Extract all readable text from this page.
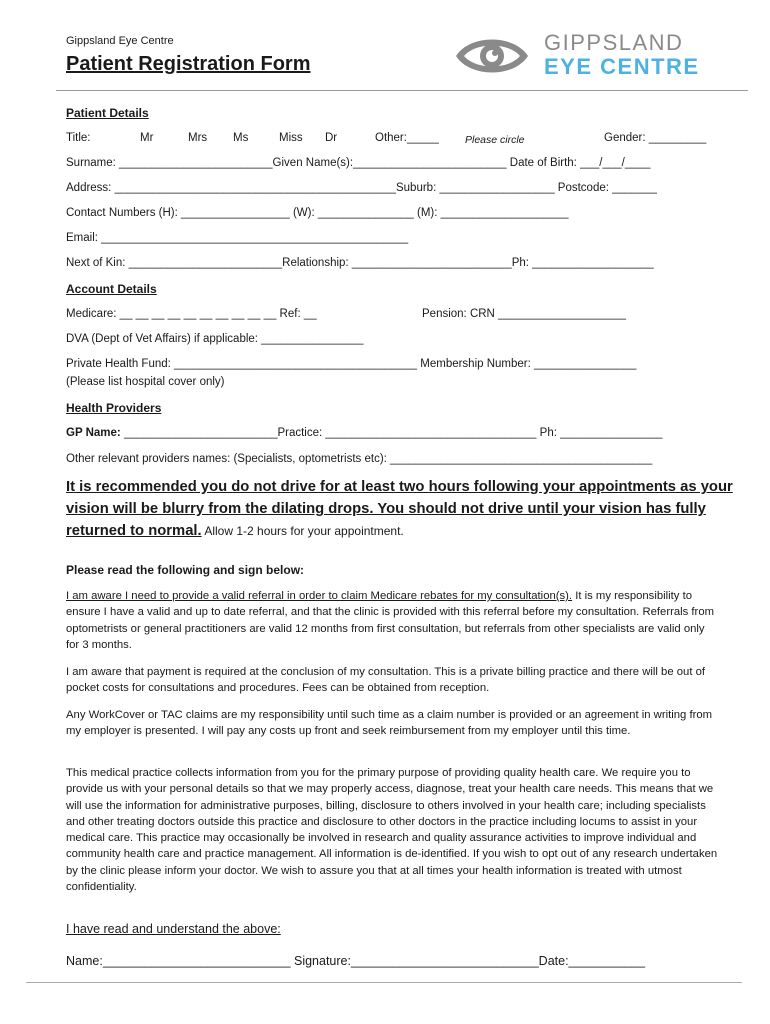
Gippsland Eye Centre
Patient Registration Form
GIPPSLAND
EYE CENTRE
Patient Details
Title:	Mr	Mrs Ms	Miss Dr	Other:_____ Please circle	Gender: _________
Surname: ________________________Given Name(s):________________________ Date of Birth: ___/___/____
Address: ____________________________________________Suburb: __________________ Postcode: _______
Contact Numbers (H): _________________ (W): _______________ (M): ____________________
Email: ________________________________________________
Next of Kin: ________________________Relationship: _________________________Ph: ___________________
Account Details
Medicare: __ __ __ __ __ __ __ __ __ __ Ref: __	Pension: CRN ____________________
DVA (Dept of Vet Affairs) if applicable: ________________
Private Health Fund: ______________________________________ Membership Number: ________________
(Please list hospital cover only)
Health Providers
GP Name: ________________________Practice: _________________________________ Ph: ________________
Other relevant providers names: (Specialists, optometrists etc): _________________________________________
It is recommended you do not drive for at least two hours following your appointments as your vision will be blurry from the dilating drops. You should not drive until your vision has fully returned to normal. Allow 1-2 hours for your appointment.
Please read the following and sign below:
I am aware I need to provide a valid referral in order to claim Medicare rebates for my consultation(s). It is my responsibility to ensure I have a valid and up to date referral, and that the clinic is provided with this referral before my consultation. Referrals from optometrists or general practitioners are valid 12 months from first consultation, but referrals from other specialists are valid only for 3 months.
I am aware that payment is required at the conclusion of my consultation. This is a private billing practice and there will be out of pocket costs for consultations and procedures. Fees can be obtained from reception.
Any WorkCover or TAC claims are my responsibility until such time as a claim number is provided or an agreement in writing from my employer is presented. I will pay any costs up front and seek reimbursement from my employer until this time.
This medical practice collects information from you for the primary purpose of providing quality health care. We require you to provide us with your personal details so that we may properly access, diagnose, treat your health care needs. This means that we will use the information for administrative purposes, billing, disclosure to others involved in your health care; including specialists and other treating doctors outside this practice and disclosure to other doctors in the practice including locums to assist in your medical care. This practice may occasionally be involved in research and quality assurance activities to improve individual and community health care and practice management. All information is de-identified. If you wish to opt out of any research undertaken by the clinic please inform your doctor. We wish to assure you that at all times your health information is treated with utmost confidentiality.
I have read and understand the above:
Name:___________________________ Signature:___________________________Date:___________
